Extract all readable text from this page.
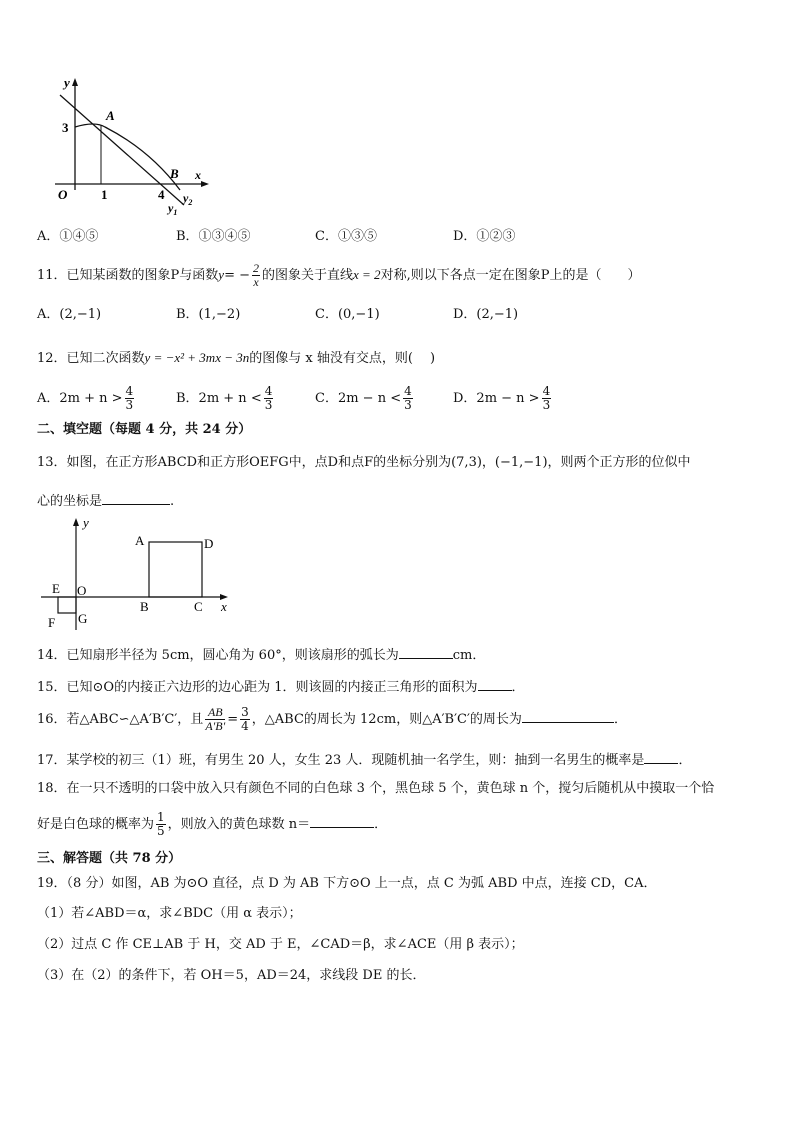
y
3
A
B x
O	1	4 $y_2$
$y_1$
A．①④⑤	B．①③④⑤	C．①③⑤	D．①②③
11．已知某函数的图象P与函数$y= - \frac{2}{x}$ 的图象关于直线x = 2对称,则以下各点一定在图象P上的是（　　）
A．(2,−1)	B．(1,−2)	C．(0,−1)	D．(2,−1)
12．已知二次函数y = −x² + 3mx − 3n的图像与 x 轴没有交点，则(　 )
A．$2m + n > \frac{4}{3}$	B．$2m + n < \frac{4}{3}$	C．$2m - n < \frac{4}{3}$	D．$2m - n > \frac{4}{3}$
二、填空题（每题 4 分，共 24 分）
13．如图，在正方形ABCD和正方形OEFG中，点D和点F的坐标分别为(7,3)，(−1,−1)，则两个正方形的位似中
心的坐标是	.
y
A	D
E O
B	C x
G
F
14．已知扇形半径为 5cm，圆心角为 60°，则该扇形的弧长为	cm．
15．已知⊙O的内接正六边形的边心距为 1．则该圆的内接正三角形的面积为	．
16．若△ABC∽△A′B′C′，且 $\frac{AB}{A'B'} = \frac{3}{4}$ ，△ABC的周长为 12cm，则△A′B′C′的周长为	．
17．某学校的初三（1）班，有男生 20 人，女生 23 人．现随机抽一名学生，则：抽到一名男生的概率是	．
18．在一只不透明的口袋中放入只有颜色不同的白色球 3 个，黑色球 5 个，黄色球 n 个，搅匀后随机从中摸取一个恰
好是白色球的概率为 $\frac{1}{5}$ ，则放入的黄色球数 n＝	．
三、解答题（共 78 分）
19．（8 分）如图，AB 为⊙O 直径，点 D 为 AB 下方⊙O 上一点，点 C 为弧 ABD 中点，连接 CD，CA．
（1）若∠ABD＝α，求∠BDC（用 α 表示）；
（2）过点 C 作 CE⊥AB 于 H，交 AD 于 E，∠CAD＝β，求∠ACE（用 β 表示）；
（3）在（2）的条件下，若 OH＝5，AD＝24，求线段 DE 的长．
